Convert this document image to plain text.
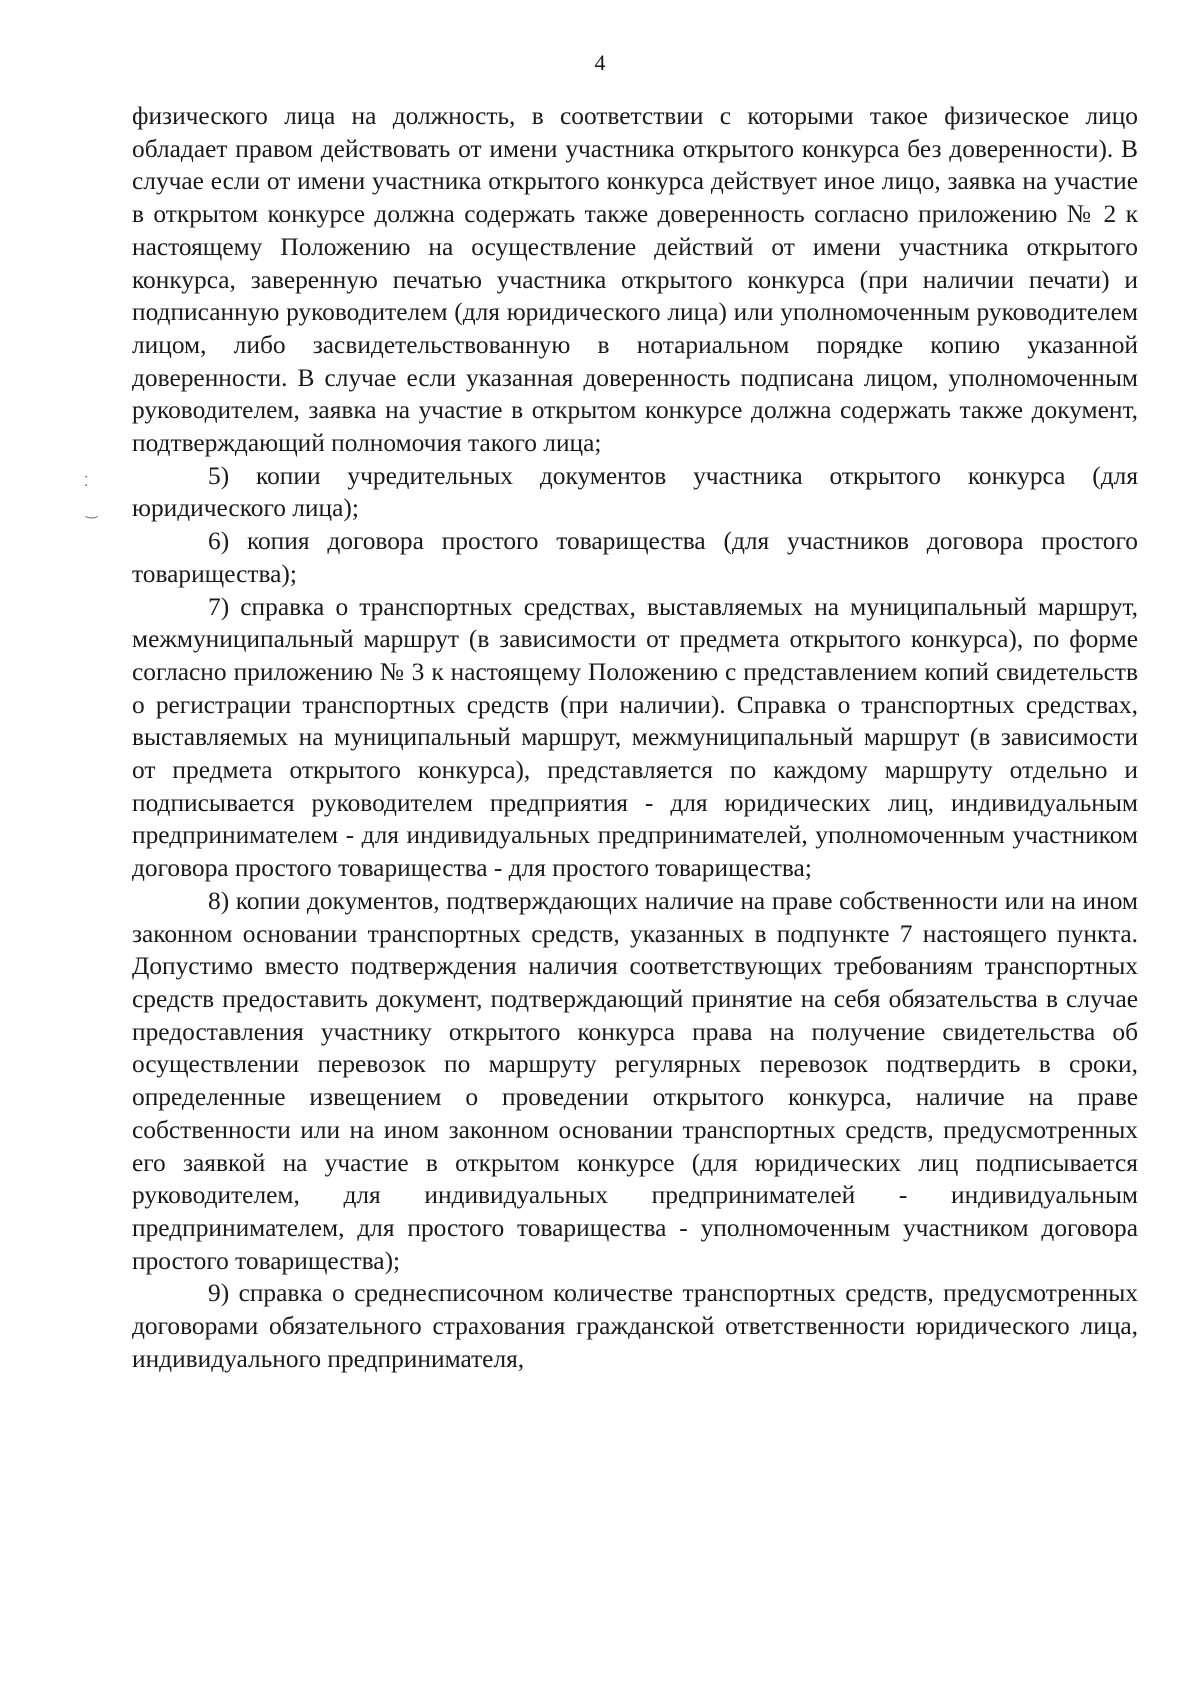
4
⁚
‿

физического лица на должность, в соответствии с которыми такое физическое лицо обладает правом действовать от имени участника открытого конкурса без доверенности). В случае если от имени участника открытого конкурса действует иное лицо, заявка на участие в открытом конкурсе должна содержать также доверенность согласно приложению № 2 к настоящему Положению на осуществление действий от имени участника открытого конкурса, заверенную печатью участника открытого конкурса (при наличии печати) и подписанную руководителем (для юридического лица) или уполномоченным руководителем лицом, либо засвидетельствованную в нотариальном порядке копию указанной доверенности. В случае если указанная доверенность подписана лицом, уполномоченным руководителем, заявка на участие в открытом конкурсе должна содержать также документ, подтверждающий полномочия такого лица;

5) копии учредительных документов участника открытого конкурса (для юридического лица);

6) копия договора простого товарищества (для участников договора простого товарищества);

7) справка о транспортных средствах, выставляемых на муниципальный маршрут, межмуниципальный маршрут (в зависимости от предмета открытого конкурса), по форме согласно приложению № 3 к настоящему Положению с представлением копий свидетельств о регистрации транспортных средств (при наличии). Справка о транспортных средствах, выставляемых на муниципальный маршрут, межмуниципальный маршрут (в зависимости от предмета открытого конкурса), представляется по каждому маршруту отдельно и подписывается руководителем предприятия - для юридических лиц, индивидуальным предпринимателем - для индивидуальных предпринимателей, уполномоченным участником договора простого товарищества - для простого товарищества;

8) копии документов, подтверждающих наличие на праве собственности или на ином законном основании транспортных средств, указанных в подпункте 7 настоящего пункта. Допустимо вместо подтверждения наличия соответствующих требованиям транспортных средств предоставить документ, подтверждающий принятие на себя обязательства в случае предоставления участнику открытого конкурса права на получение свидетельства об осуществлении перевозок по маршруту регулярных перевозок подтвердить в сроки, определенные извещением о проведении открытого конкурса, наличие на праве собственности или на ином законном основании транспортных средств, предусмотренных его заявкой на участие в открытом конкурсе (для юридических лиц подписывается руководителем, для индивидуальных предпринимателей - индивидуальным предпринимателем, для простого товарищества - уполномоченным участником договора простого товарищества);

9) справка о среднесписочном количестве транспортных средств, предусмотренных договорами обязательного страхования гражданской ответственности юридического лица, индивидуального предпринимателя,
